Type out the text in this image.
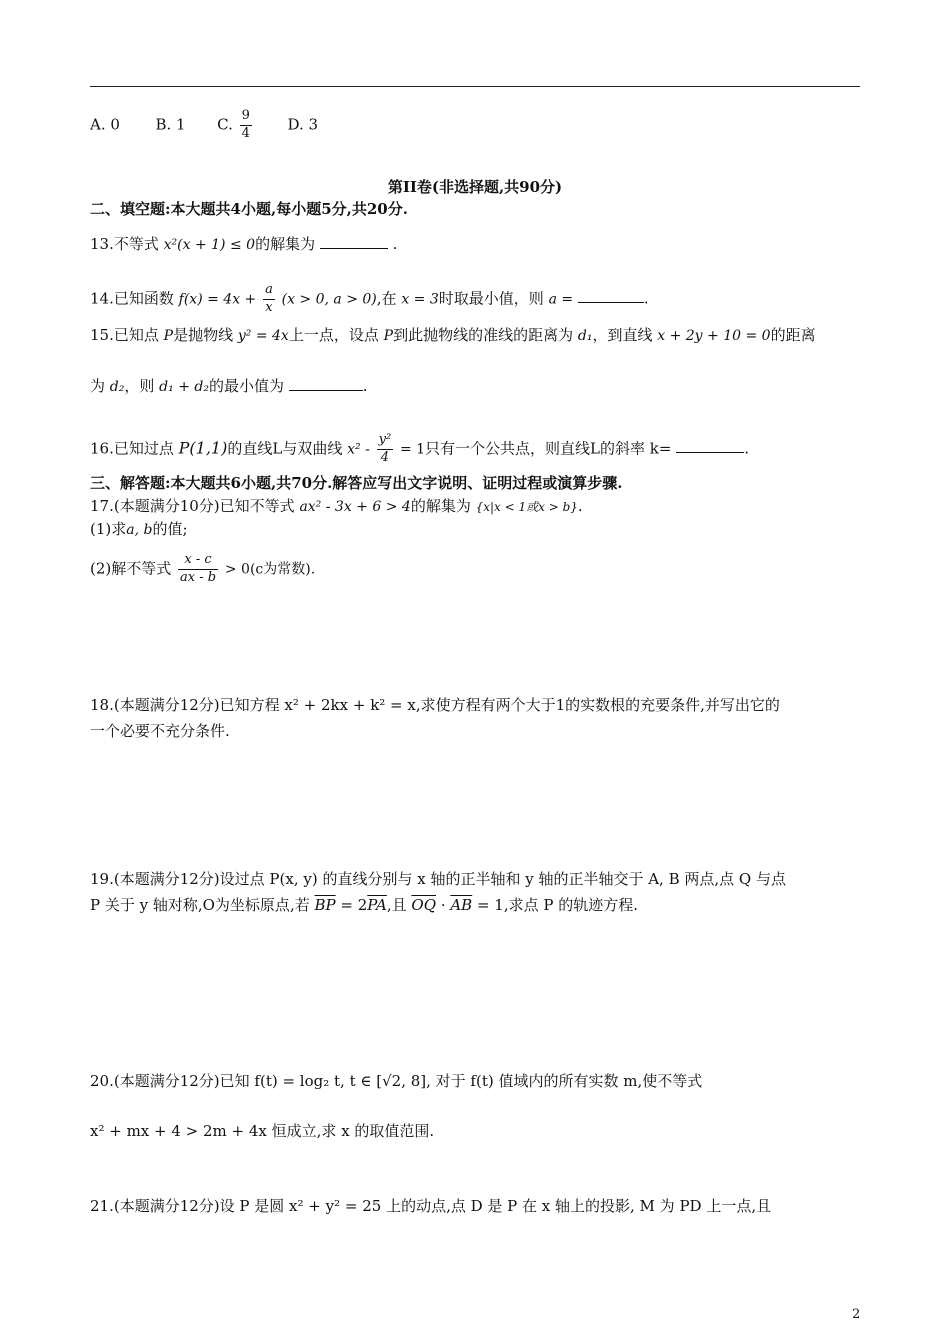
A. 0 B. 1 C. $\frac{9}{4} D$. 3
第II卷(非选择题,共90分)
二、填空题:本大题共4小题,每小题5分,共20分.
13.不等式 x²(x + 1) ≤ 0的解集为	.
14.已知函数 $f(x) = 4x + \frac{a}{x} (x > 0$, a > 0),在 x = 3时取最小值，则 a =	.
15.已知点 P是抛物线 y² = 4x上一点，设点 P到此抛物线的准线的距离为 d₁，到直线 x + 2y + 10 = 0的距离
为 d₂，则 d₁ + d₂的最小值为	.
16.已知过点 P(1,1)的直线L与双曲线 $x^2 - \frac{\text{y²}}{4} = 1$只有一个公共点，则直线L的斜率 k=	.
三、解答题:本大题共6小题,共70分.解答应写出文字说明、证明过程或演算步骤.
17.(本题满分10分)已知不等式 ax² - 3x + 6 > 4的解集为 {x|x < 1或x > b}.
(1)求a, b的值;
(2)解不等式 $\frac{x - c}{ax - b} > 0(c$为常数).
18.(本题满分12分)已知方程 x² + 2kx + k² = x,求使方程有两个大于1的实数根的充要条件,并写出它的
一个必要不充分条件.
19.(本题满分12分)设过点 P(x, y) 的直线分别与 x 轴的正半轴和 y 轴的正半轴交于 A, B 两点,点 Q 与点
P 关于 y 轴对称,O为坐标原点,若 $\overline{BP} = 2\overline{PA}$,且 $\overline{OQ} \cdot \overline{AB} = 1$,求点 P 的轨迹方程.
20.(本题满分12分)已知 f(t) = log₂ t, t ∈ [√2, 8], 对于 f(t) 值域内的所有实数 m,使不等式
x² + mx + 4 > 2m + 4x 恒成立,求 x 的取值范围.
21.(本题满分12分)设 P 是圆 x² + y² = 25 上的动点,点 D 是 P 在 x 轴上的投影, M 为 PD 上一点,且
2
